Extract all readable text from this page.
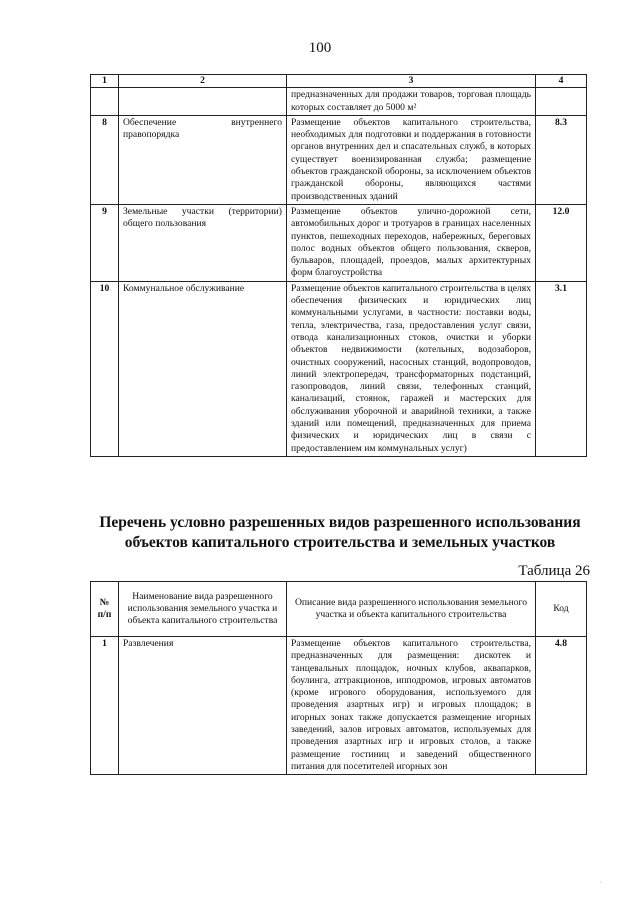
100
1	2	3	4
		предназначенных для продажи товаров, торговая площадь которых составляет до 5000 м²	
8	Обеспечение внутреннего правопорядка	Размещение объектов капитального строительства, необходимых для подготовки и поддержания в готовности органов внутренних дел и спасательных служб, в которых существует военизированная служба; размещение объектов гражданской обороны, за исключением объектов гражданской обороны, являющихся частями производственных зданий	8.3
9	Земельные участки (территории) общего пользования	Размещение объектов улично-дорожной сети, автомобильных дорог и тротуаров в границах населенных пунктов, пешеходных переходов, набережных, береговых полос водных объектов общего пользования, скверов, бульваров, площадей, проездов, малых архитектурных форм благоустройства	12.0
10	Коммунальное обслуживание	Размещение объектов капитального строительства в целях обеспечения физических и юридических лиц коммунальными услугами, в частности: поставки воды, тепла, электричества, газа, предоставления услуг связи, отвода канализационных стоков, очистки и уборки объектов недвижимости (котельных, водозаборов, очистных сооружений, насосных станций, водопроводов, линий электропередач, трансформаторных подстанций, газопроводов, линий связи, телефонных станций, канализаций, стоянок, гаражей и мастерских для обслуживания уборочной и аварийной техники, а также зданий или помещений, предназначенных для приема физических и юридических лиц в связи с предоставлением им коммунальных услуг)	3.1
Перечень условно разрешенных видов разрешенного использования
объектов капитального строительства и земельных участков
Таблица 26
№ п/п	Наименование вида разрешенного использования земельного участка и объекта капитального строительства	Описание вида разрешенного использования земельного участка и объекта капитального строительства	Код
1	Развлечения	Размещение объектов капитального строительства, предназначенных для размещения: дискотек и танцевальных площадок, ночных клубов, аквапарков, боулинга, аттракционов, ипподромов, игровых автоматов (кроме игрового оборудования, используемого для проведения азартных игр) и игровых площадок; в игорных зонах также допускается размещение игорных заведений, залов игровых автоматов, используемых для проведения азартных игр и игровых столов, а также размещение гостиниц и заведений общественного питания для посетителей игорных зон	4.8
·
